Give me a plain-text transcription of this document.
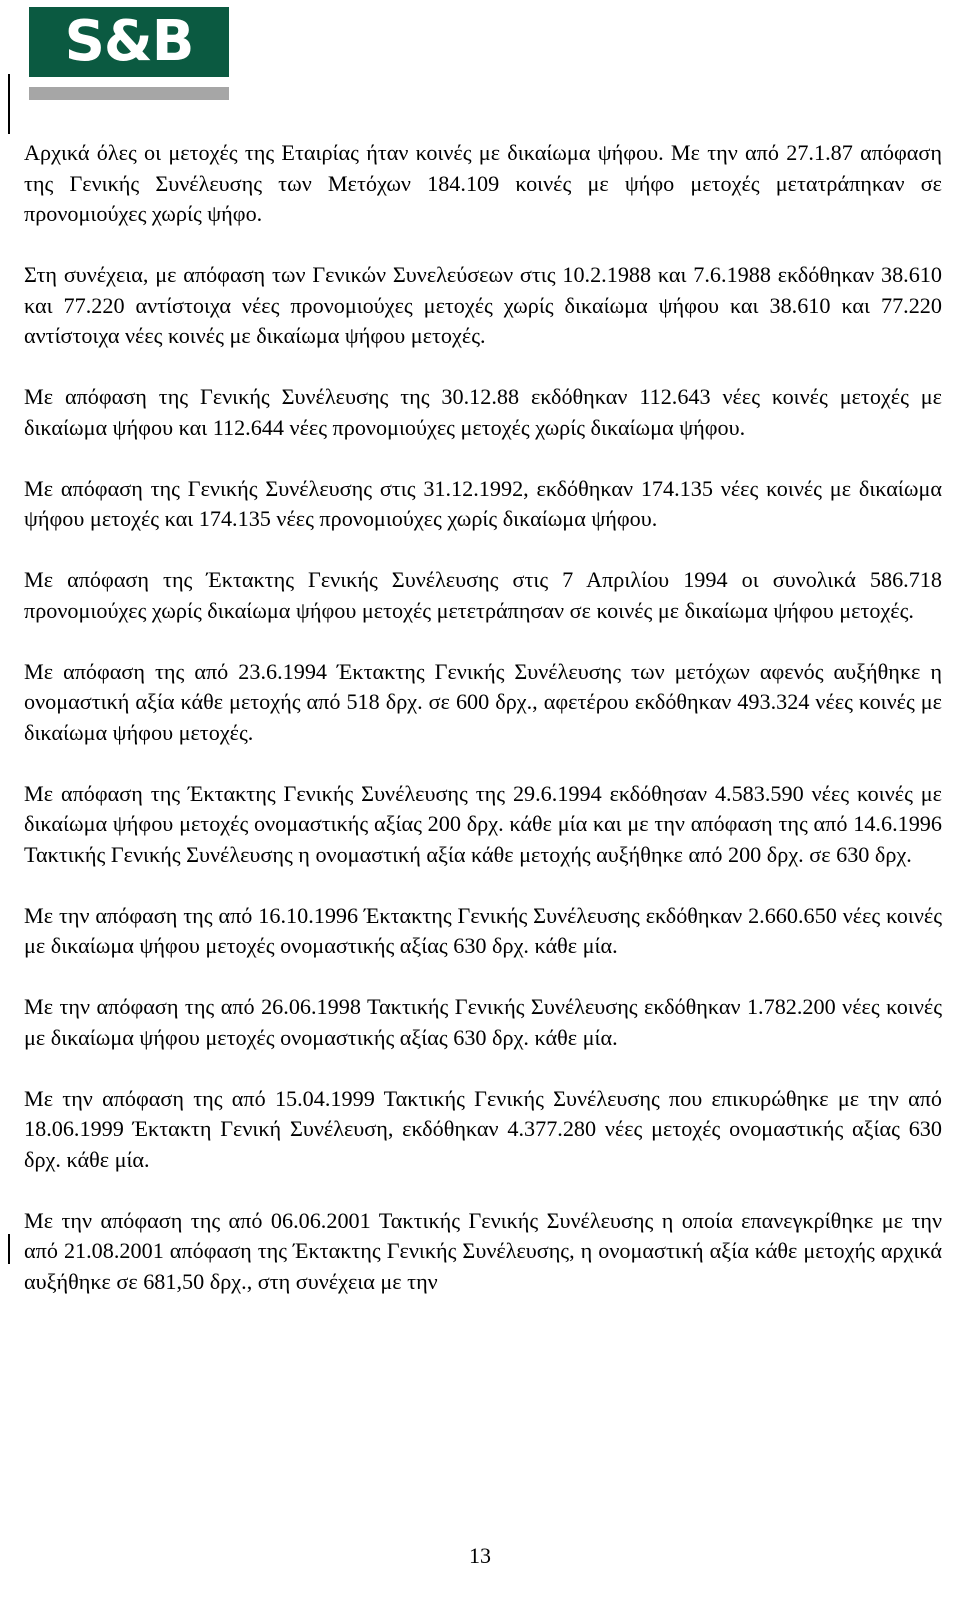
S&B

Αρχικά όλες οι μετοχές της Εταιρίας ήταν κοινές με δικαίωμα ψήφου. Με την από 27.1.87 απόφαση της Γενικής Συνέλευσης των Μετόχων 184.109 κοινές με ψήφο μετοχές μετατράπηκαν σε προνομιούχες χωρίς ψήφο.

Στη συνέχεια, με απόφαση των Γενικών Συνελεύσεων στις 10.2.1988 και 7.6.1988 εκδόθηκαν 38.610 και 77.220 αντίστοιχα νέες προνομιούχες μετοχές χωρίς δικαίωμα ψήφου και 38.610 και 77.220 αντίστοιχα νέες κοινές με δικαίωμα ψήφου μετοχές.

Με απόφαση της Γενικής Συνέλευσης της 30.12.88 εκδόθηκαν 112.643 νέες κοινές μετοχές με δικαίωμα ψήφου και 112.644 νέες προνομιούχες μετοχές χωρίς δικαίωμα ψήφου.

Με απόφαση της Γενικής Συνέλευσης στις 31.12.1992, εκδόθηκαν 174.135 νέες κοινές με δικαίωμα ψήφου μετοχές και 174.135 νέες προνομιούχες χωρίς δικαίωμα ψήφου.

Με απόφαση της Έκτακτης Γενικής Συνέλευσης στις 7 Απριλίου 1994 οι συνολικά 586.718 προνομιούχες χωρίς δικαίωμα ψήφου μετοχές μετετράπησαν σε κοινές με δικαίωμα ψήφου μετοχές.

Με απόφαση της από 23.6.1994 Έκτακτης Γενικής Συνέλευσης των μετόχων αφενός αυξήθηκε η ονομαστική αξία κάθε μετοχής από 518 δρχ. σε 600 δρχ., αφετέρου εκδόθηκαν 493.324 νέες κοινές με δικαίωμα ψήφου μετοχές.

Με απόφαση της Έκτακτης Γενικής Συνέλευσης της 29.6.1994 εκδόθησαν 4.583.590 νέες κοινές με δικαίωμα ψήφου μετοχές ονομαστικής αξίας 200 δρχ. κάθε μία και με την απόφαση της από 14.6.1996 Τακτικής Γενικής Συνέλευσης η ονομαστική αξία κάθε μετοχής αυξήθηκε από 200 δρχ. σε 630 δρχ.

Με την απόφαση της από 16.10.1996 Έκτακτης Γενικής Συνέλευσης εκδόθηκαν 2.660.650 νέες κοινές με δικαίωμα ψήφου μετοχές ονομαστικής αξίας 630 δρχ. κάθε μία.

Με την απόφαση της από 26.06.1998 Τακτικής Γενικής Συνέλευσης εκδόθηκαν 1.782.200 νέες κοινές με δικαίωμα ψήφου μετοχές ονομαστικής αξίας 630 δρχ. κάθε μία.

Με την απόφαση της από 15.04.1999 Τακτικής Γενικής Συνέλευσης που επικυρώθηκε με την από 18.06.1999 Έκτακτη Γενική Συνέλευση, εκδόθηκαν 4.377.280 νέες μετοχές ονομαστικής αξίας 630 δρχ. κάθε μία.

Με την απόφαση της από 06.06.2001 Τακτικής Γενικής Συνέλευσης η οποία επανεγκρίθηκε με την από 21.08.2001 απόφαση της Έκτακτης Γενικής Συνέλευσης, η ονομαστική αξία κάθε μετοχής αρχικά αυξήθηκε σε 681,50 δρχ., στη συνέχεια με την

13
